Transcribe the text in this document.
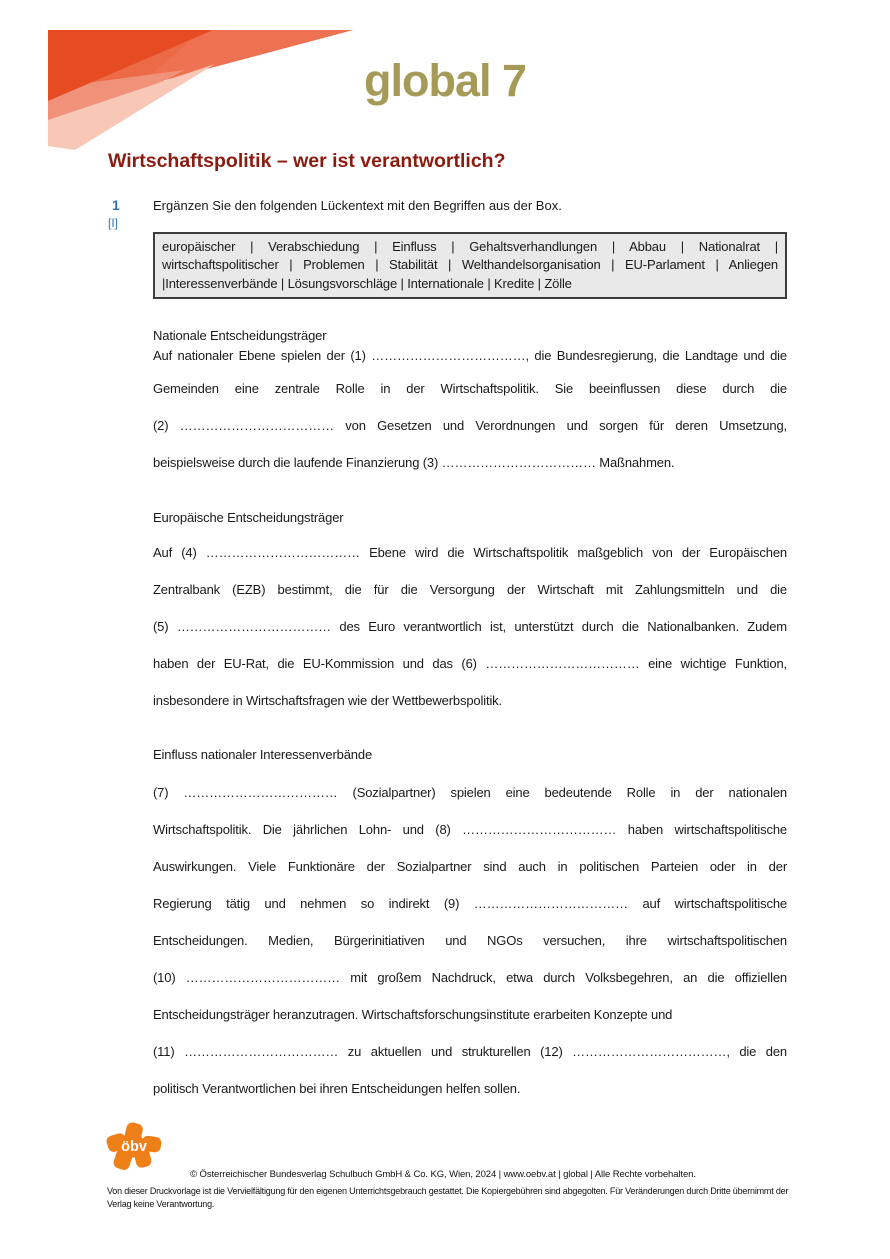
global 7
Wirtschaftspolitik – wer ist verantwortlich?
1
[I]
Ergänzen Sie den folgenden Lückentext mit den Begriffen aus der Box.
europäischer | Verabschiedung | Einfluss | Gehaltsverhandlungen | Abbau | Nationalrat |
wirtschaftspolitischer | Problemen | Stabilität | Welthandelsorganisation | EU-Parlament | Anliegen
|Interessenverbände | Lösungsvorschläge | Internationale | Kredite | Zölle
Nationale Entscheidungsträger
Auf nationaler Ebene spielen der (1) ………………………………, die Bundesregierung, die Landtage und die
Gemeinden eine zentrale Rolle in der Wirtschaftspolitik. Sie beeinflussen diese durch die
(2) ……………………………… von Gesetzen und Verordnungen und sorgen für deren Umsetzung,
beispielsweise durch die laufende Finanzierung (3) ……………………………… Maßnahmen.
Europäische Entscheidungsträger
Auf (4) ……………………………… Ebene wird die Wirtschaftspolitik maßgeblich von der Europäischen
Zentralbank (EZB) bestimmt, die für die Versorgung der Wirtschaft mit Zahlungsmitteln und die
(5) ……………………………… des Euro verantwortlich ist, unterstützt durch die Nationalbanken. Zudem
haben der EU-Rat, die EU-Kommission und das (6) ……………………………… eine wichtige Funktion,
insbesondere in Wirtschaftsfragen wie der Wettbewerbspolitik.
Einfluss nationaler Interessenverbände
(7) ……………………………… (Sozialpartner) spielen eine bedeutende Rolle in der nationalen
Wirtschaftspolitik. Die jährlichen Lohn- und (8) ……………………………… haben wirtschaftspolitische
Auswirkungen. Viele Funktionäre der Sozialpartner sind auch in politischen Parteien oder in der
Regierung tätig und nehmen so indirekt (9) ……………………………… auf wirtschaftspolitische
Entscheidungen. Medien, Bürgerinitiativen und NGOs versuchen, ihre wirtschaftspolitischen
(10) ……………………………… mit großem Nachdruck, etwa durch Volksbegehren, an die offiziellen
Entscheidungsträger heranzutragen. Wirtschaftsforschungsinstitute erarbeiten Konzepte und
(11) ……………………………… zu aktuellen und strukturellen (12) ………………………………, die den
politisch Verantwortlichen bei ihren Entscheidungen helfen sollen.
öbv
© Österreichischer Bundesverlag Schulbuch GmbH & Co. KG, Wien, 2024 | www.oebv.at | global | Alle Rechte vorbehalten.
Von dieser Druckvorlage ist die Vervielfältigung für den eigenen Unterrichtsgebrauch gestattet. Die Kopiergebühren sind abgegolten. Für Veränderungen durch Dritte übernimmt der
Verlag keine Verantwortung.
